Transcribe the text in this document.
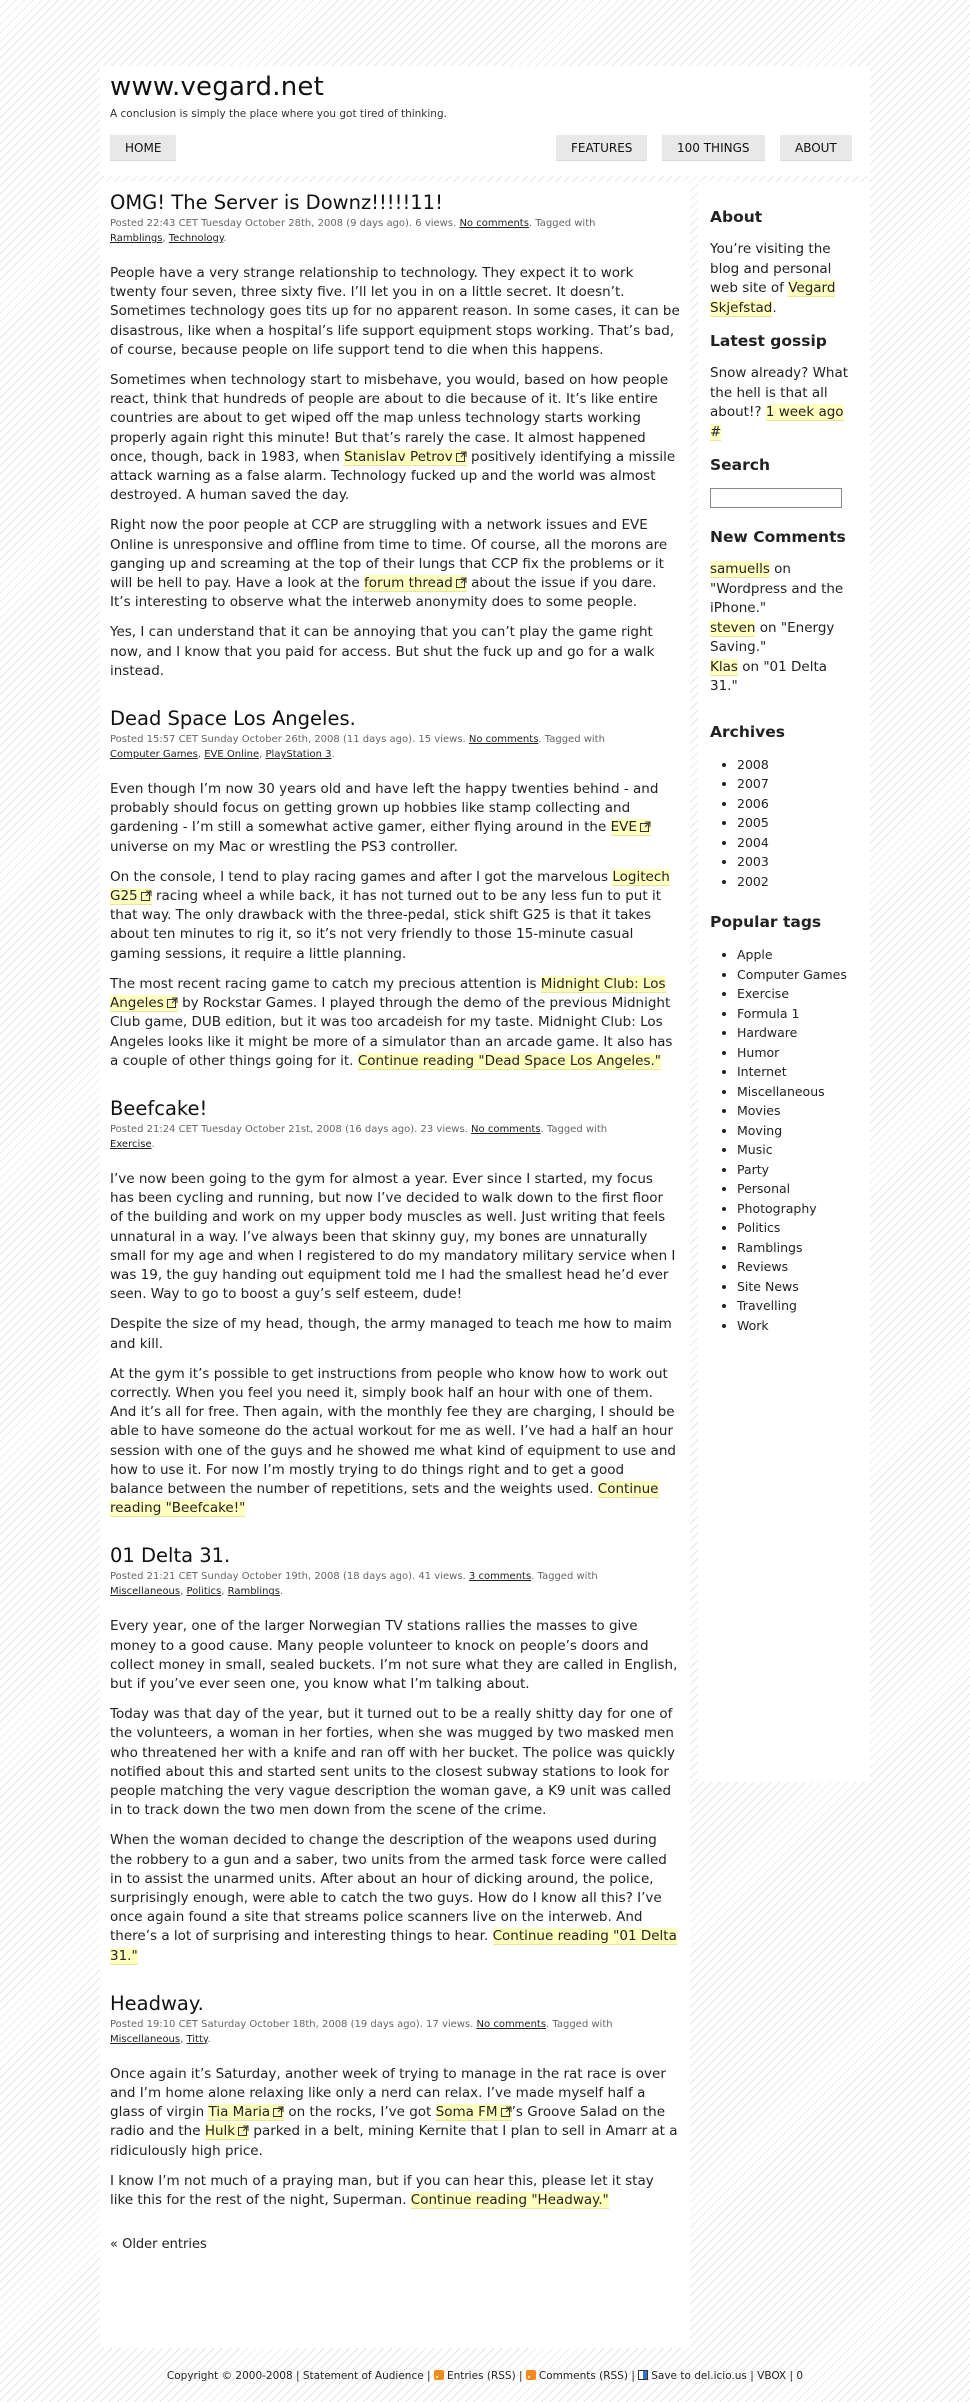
www.vegard.net
A conclusion is simply the place where you got tired of thinking.
HOME	FEATURES	100 THINGS	ABOUT
OMG! The Server is Downz!!!!!11!
Posted 22:43 CET Tuesday October 28th, 2008 (9 days ago). 6 views. No comments. Tagged with
Ramblings, Technology.

People have a very strange relationship to technology. They expect it to work twenty four seven, three sixty five. I’ll let you in on a little secret. It doesn’t. Sometimes technology goes tits up for no apparent reason. In some cases, it can be disastrous, like when a hospital’s life support equipment stops working. That’s bad, of course, because people on life support tend to die when this happens.

Sometimes when technology start to misbehave, you would, based on how people react, think that hundreds of people are about to die because of it. It’s like entire countries are about to get wiped off the map unless technology starts working properly again right this minute! But that’s rarely the case. It almost happened once, though, back in 1983, when Stanislav Petrov positively identifying a missile attack warning as a false alarm. Technology fucked up and the world was almost destroyed. A human saved the day.

Right now the poor people at CCP are struggling with a network issues and EVE Online is unresponsive and offline from time to time. Of course, all the morons are ganging up and screaming at the top of their lungs that CCP fix the problems or it will be hell to pay. Have a look at the forum thread about the issue if you dare. It’s interesting to observe what the interweb anonymity does to some people.

Yes, I can understand that it can be annoying that you can’t play the game right now, and I know that you paid for access. But shut the fuck up and go for a walk instead.

Dead Space Los Angeles.
Posted 15:57 CET Sunday October 26th, 2008 (11 days ago). 15 views. No comments. Tagged with
Computer Games, EVE Online, PlayStation 3.

Even though I’m now 30 years old and have left the happy twenties behind - and probably should focus on getting grown up hobbies like stamp collecting and gardening - I’m still a somewhat active gamer, either flying around in the EVE universe on my Mac or wrestling the PS3 controller.

On the console, I tend to play racing games and after I got the marvelous Logitech G25 racing wheel a while back, it has not turned out to be any less fun to put it that way. The only drawback with the three-pedal, stick shift G25 is that it takes about ten minutes to rig it, so it’s not very friendly to those 15-minute casual gaming sessions, it require a little planning.

The most recent racing game to catch my precious attention is Midnight Club: Los Angeles by Rockstar Games. I played through the demo of the previous Midnight Club game, DUB edition, but it was too arcadeish for my taste. Midnight Club: Los Angeles looks like it might be more of a simulator than an arcade game. It also has a couple of other things going for it. Continue reading "Dead Space Los Angeles."

Beefcake!
Posted 21:24 CET Tuesday October 21st, 2008 (16 days ago). 23 views. No comments. Tagged with
Exercise.

I’ve now been going to the gym for almost a year. Ever since I started, my focus has been cycling and running, but now I’ve decided to walk down to the first floor of the building and work on my upper body muscles as well. Just writing that feels unnatural in a way. I’ve always been that skinny guy, my bones are unnaturally small for my age and when I registered to do my mandatory military service when I was 19, the guy handing out equipment told me I had the smallest head he’d ever seen. Way to go to boost a guy’s self esteem, dude!

Despite the size of my head, though, the army managed to teach me how to maim and kill.

At the gym it’s possible to get instructions from people who know how to work out correctly. When you feel you need it, simply book half an hour with one of them. And it’s all for free. Then again, with the monthly fee they are charging, I should be able to have someone do the actual workout for me as well. I’ve had a half an hour session with one of the guys and he showed me what kind of equipment to use and how to use it. For now I’m mostly trying to do things right and to get a good balance between the number of repetitions, sets and the weights used. Continue reading "Beefcake!"

01 Delta 31.
Posted 21:21 CET Sunday October 19th, 2008 (18 days ago). 41 views. 3 comments. Tagged with
Miscellaneous, Politics, Ramblings.

Every year, one of the larger Norwegian TV stations rallies the masses to give money to a good cause. Many people volunteer to knock on people’s doors and collect money in small, sealed buckets. I’m not sure what they are called in English, but if you’ve ever seen one, you know what I’m talking about.

Today was that day of the year, but it turned out to be a really shitty day for one of the volunteers, a woman in her forties, when she was mugged by two masked men who threatened her with a knife and ran off with her bucket. The police was quickly notified about this and started sent units to the closest subway stations to look for people matching the very vague description the woman gave, a K9 unit was called in to track down the two men down from the scene of the crime.

When the woman decided to change the description of the weapons used during the robbery to a gun and a saber, two units from the armed task force were called in to assist the unarmed units. After about an hour of dicking around, the police, surprisingly enough, were able to catch the two guys. How do I know all this? I’ve once again found a site that streams police scanners live on the interweb. And there’s a lot of surprising and interesting things to hear. Continue reading "01 Delta 31."

Headway.
Posted 19:10 CET Saturday October 18th, 2008 (19 days ago). 17 views. No comments. Tagged with
Miscellaneous, Titty.

Once again it’s Saturday, another week of trying to manage in the rat race is over and I’m home alone relaxing like only a nerd can relax. I’ve made myself half a glass of virgin Tia Maria on the rocks, I’ve got Soma FM ’s Groove Salad on the radio and the Hulk parked in a belt, mining Kernite that I plan to sell in Amarr at a ridiculously high price.

I know I’m not much of a praying man, but if you can hear this, please let it stay like this for the rest of the night, Superman. Continue reading "Headway."

« Older entries
About

You’re visiting the blog and personal web site of Vegard Skjefstad.

Latest gossip

Snow already? What the hell is that all about!? 1 week ago #

Search
New Comments
samuells on "Wordpress and the iPhone."
steven on "Energy Saving."
Klas on "01 Delta 31."
Archives
• 2008
• 2007
• 2006
• 2005
• 2004
• 2003
• 2002
Popular tags
• Apple
• Computer Games
• Exercise
• Formula 1
• Hardware
• Humor
• Internet
• Miscellaneous
• Movies
• Moving
• Music
• Party
• Personal
• Photography
• Politics
• Ramblings
• Reviews
• Site News
• Travelling
• Work
Copyright © 2000-2008 | Statement of Audience | Entries (RSS) | Comments (RSS) | Save to del.icio.us | VBOX | 0
